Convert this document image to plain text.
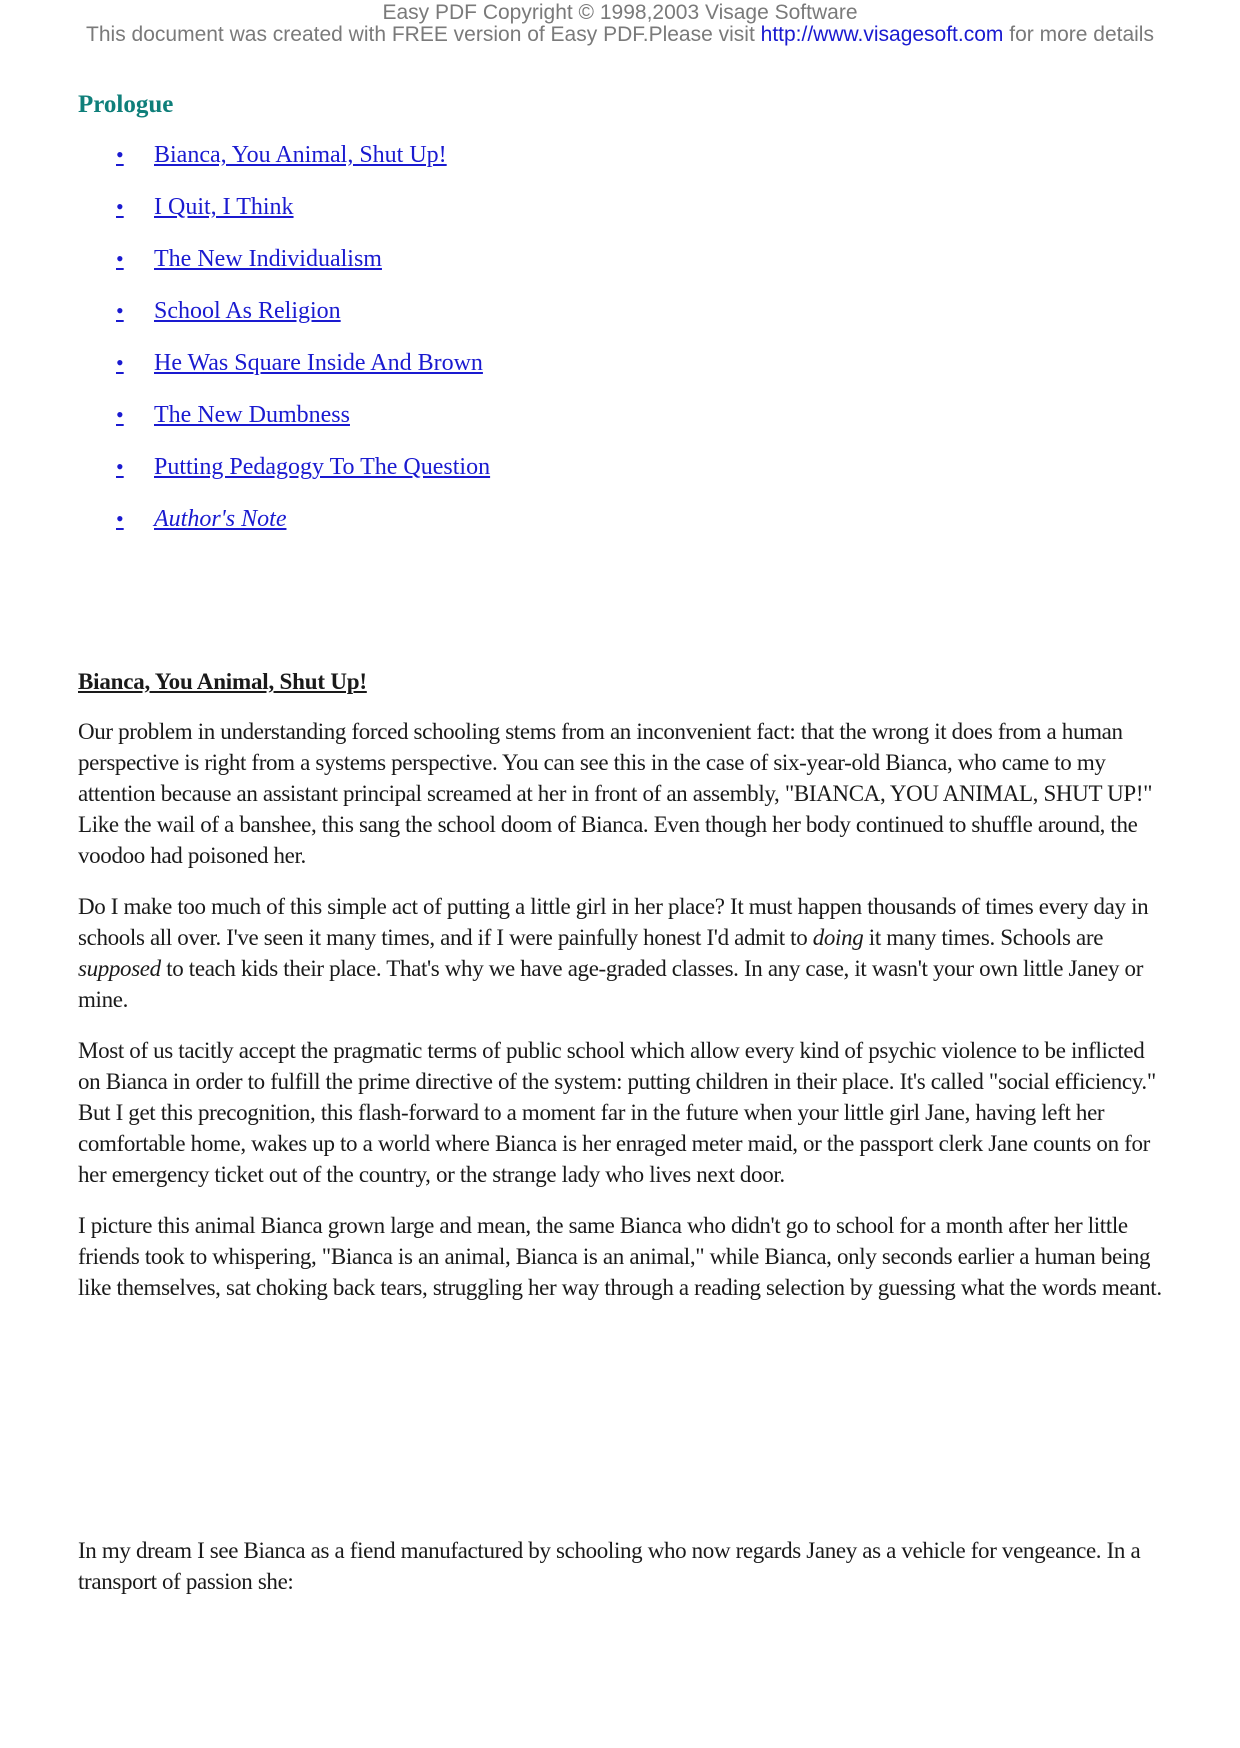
Easy PDF Copyright © 1998,2003 Visage Software
This document was created with FREE version of Easy PDF.Please visit http://www.visagesoft.com for more details
Prologue
• Bianca, You Animal, Shut Up!
• I Quit, I Think
• The New Individualism
• School As Religion
• He Was Square Inside And Brown
• The New Dumbness
• Putting Pedagogy To The Question
• Author's Note
Bianca, You Animal, Shut Up!

Our problem in understanding forced schooling stems from an inconvenient fact: that the wrong it does from a human perspective is right from a systems perspective. You can see this in the case of six-year-old Bianca, who came to my attention because an assistant principal screamed at her in front of an assembly, "BIANCA, YOU ANIMAL, SHUT UP!" Like the wail of a banshee, this sang the school doom of Bianca. Even though her body continued to shuffle around, the voodoo had poisoned her.

Do I make too much of this simple act of putting a little girl in her place? It must happen thousands of times every day in schools all over. I've seen it many times, and if I were painfully honest I'd admit to doing it many times. Schools are supposed to teach kids their place. That's why we have age-graded classes. In any case, it wasn't your own little Janey or mine.

Most of us tacitly accept the pragmatic terms of public school which allow every kind of psychic violence to be inflicted on Bianca in order to fulfill the prime directive of the system: putting children in their place. It's called "social efficiency." But I get this precognition, this flash-forward to a moment far in the future when your little girl Jane, having left her comfortable home, wakes up to a world where Bianca is her enraged meter maid, or the passport clerk Jane counts on for her emergency ticket out of the country, or the strange lady who lives next door.

I picture this animal Bianca grown large and mean, the same Bianca who didn't go to school for a month after her little friends took to whispering, "Bianca is an animal, Bianca is an animal," while Bianca, only seconds earlier a human being like themselves, sat choking back tears, struggling her way through a reading selection by guessing what the words meant.

In my dream I see Bianca as a fiend manufactured by schooling who now regards Janey as a vehicle for vengeance. In a transport of passion she:
